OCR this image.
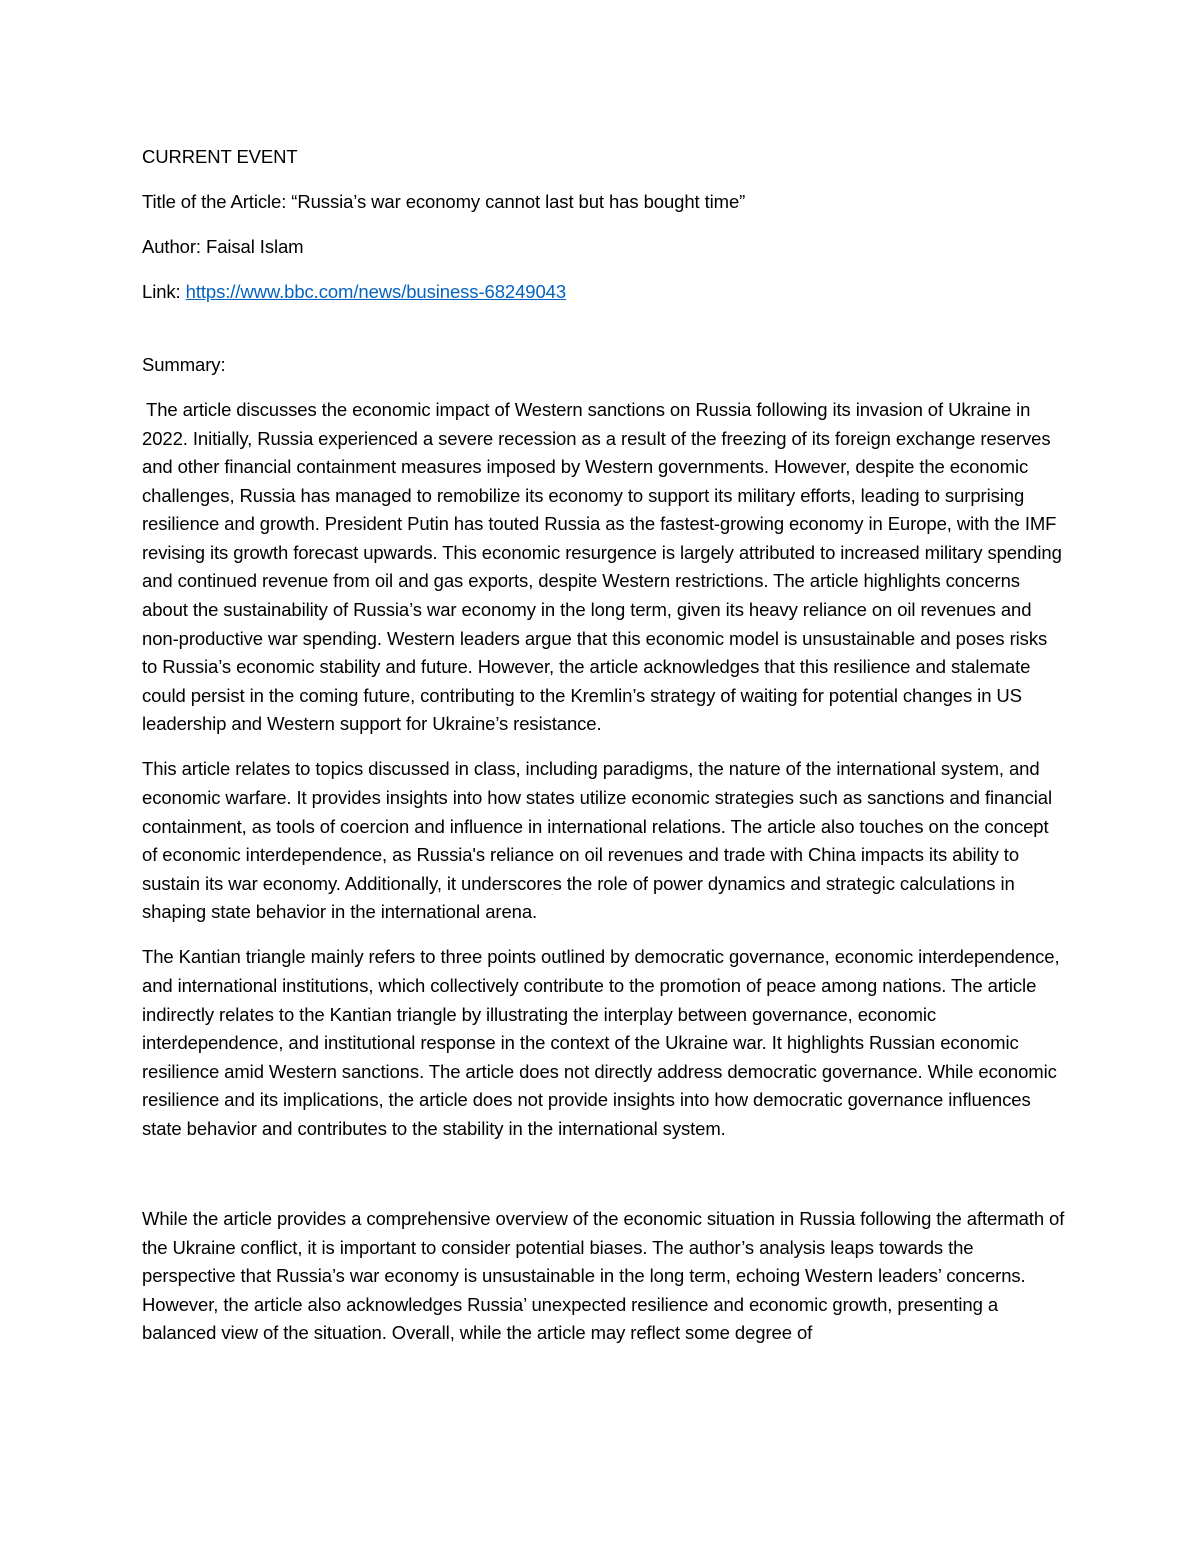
CURRENT EVENT
Title of the Article: “Russia’s war economy cannot last but has bought time”
Author: Faisal Islam
Link: https://www.bbc.com/news/business-68249043
Summary:

The article discusses the economic impact of Western sanctions on Russia following its invasion of Ukraine in 2022. Initially, Russia experienced a severe recession as a result of the freezing of its foreign exchange reserves and other financial containment measures imposed by Western governments. However, despite the economic challenges, Russia has managed to remobilize its economy to support its military efforts, leading to surprising resilience and growth. President Putin has touted Russia as the fastest-growing economy in Europe, with the IMF revising its growth forecast upwards. This economic resurgence is largely attributed to increased military spending and continued revenue from oil and gas exports, despite Western restrictions. The article highlights concerns about the sustainability of Russia’s war economy in the long term, given its heavy reliance on oil revenues and non-productive war spending. Western leaders argue that this economic model is unsustainable and poses risks to Russia’s economic stability and future. However, the article acknowledges that this resilience and stalemate could persist in the coming future, contributing to the Kremlin’s strategy of waiting for potential changes in US leadership and Western support for Ukraine’s resistance.

This article relates to topics discussed in class, including paradigms, the nature of the international system, and economic warfare. It provides insights into how states utilize economic strategies such as sanctions and financial containment, as tools of coercion and influence in international relations. The article also touches on the concept of economic interdependence, as Russia's reliance on oil revenues and trade with China impacts its ability to sustain its war economy. Additionally, it underscores the role of power dynamics and strategic calculations in shaping state behavior in the international arena.

The Kantian triangle mainly refers to three points outlined by democratic governance, economic interdependence, and international institutions, which collectively contribute to the promotion of peace among nations. The article indirectly relates to the Kantian triangle by illustrating the interplay between governance, economic interdependence, and institutional response in the context of the Ukraine war. It highlights Russian economic resilience amid Western sanctions. The article does not directly address democratic governance. While economic resilience and its implications, the article does not provide insights into how democratic governance influences state behavior and contributes to the stability in the international system.

While the article provides a comprehensive overview of the economic situation in Russia following the aftermath of the Ukraine conflict, it is important to consider potential biases. The author’s analysis leaps towards the perspective that Russia’s war economy is unsustainable in the long term, echoing Western leaders’ concerns. However, the article also acknowledges Russia’ unexpected resilience and economic growth, presenting a balanced view of the situation. Overall, while the article may reflect some degree of
